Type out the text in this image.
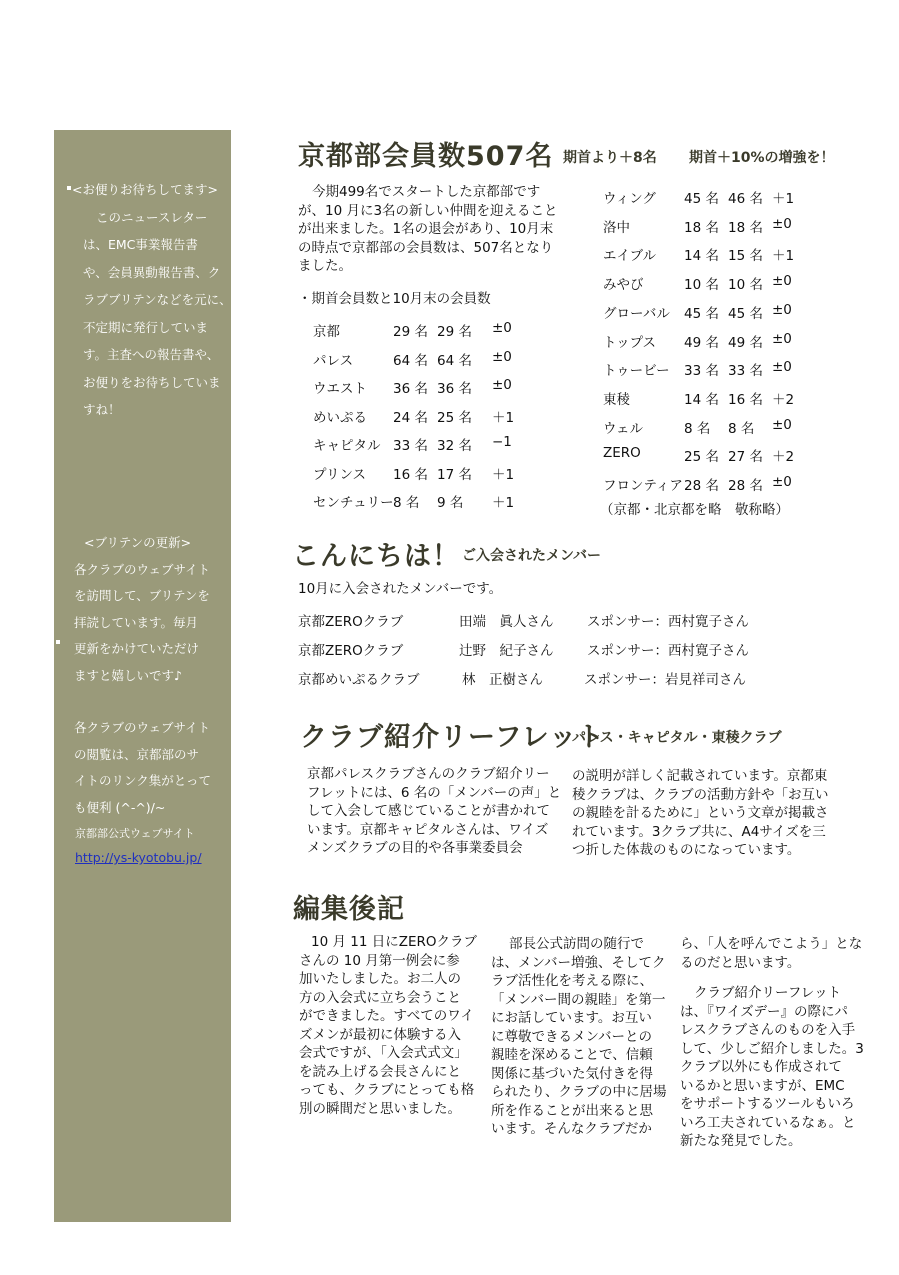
<お便りお待ちしてます>
このニュースレター
は、EMC事業報告書
や、会員異動報告書、ク
ラブブリテンなどを元に、
不定期に発行していま
す。主査への報告書や、
お便りをお待ちしていま
すね！
<ブリテンの更新>
各クラブのウェブサイト
を訪問して、ブリテンを
拝読しています。毎月
更新をかけていただけ
ますと嬉しいです♪
各クラブのウェブサイト
の閲覧は、京都部のサ
イトのリンク集がとって
も便利 (^-^)/~
京都部公式ウェブサイト
http://ys-kyotobu.jp/
京都部会員数507名 期首より＋8名 期首＋10%の増強を！
今期499名でスタートした京都部です
が、10 月に3名の新しい仲間を迎えること
が出来ました。1名の退会があり、10月末
の時点で京都部の会員数は、507名となり
ました。
・期首会員数と10月末の会員数
京都	29 名 29 名 ±0
パレス	64 名 64 名 ±0
ウエスト 36 名 36 名 ±0
めいぷる 24 名 25 名 ＋1
キャピタル 33 名 32 名 −1
プリンス 16 名 17 名 ＋1
センチュリー 8 名 9 名 ＋1
ウィング 45 名 46 名 ＋1
洛中	18 名 18 名 ±0
エイブル 14 名 15 名 ＋1
みやび	10 名 10 名 ±0
グローバル 45 名 45 名 ±0
トップス 49 名 49 名 ±0
トゥービー 33 名 33 名 ±0
東稜	14 名 16 名 ＋2
ウェル	8 名 8 名 ±0
ZERO	25 名 27 名 ＋2
フロンティア 28 名 28 名 ±0
（京都・北京都を略　敬称略）
こんにちは！ ご入会されたメンバー
10月に入会されたメンバーです。
京都ZEROクラブ	田端　眞人さん スポンサー：西村寛子さん
京都ZEROクラブ	辻野　紀子さん スポンサー：西村寛子さん
京都めいぷるクラブ	林　正樹さん	スポンサー：岩見祥司さん
クラブ紹介リーフレット
パレス・キャピタル・東稜クラブ
京都パレスクラブさんのクラブ紹介リー
フレットには、6 名の「メンバーの声」と
して入会して感じていることが書かれて
います。京都キャピタルさんは、ワイズ
メンズクラブの目的や各事業委員会
の説明が詳しく記載されています。京都東
稜クラブは、クラブの活動方針や「お互い
の親睦を計るために」という文章が掲載さ
れています。3クラブ共に、A4サイズを三
つ折した体裁のものになっています。
編集後記
10 月 11 日にZEROクラブ
さんの 10 月第一例会に参
加いたしました。お二人の
方の入会式に立ち会うこと
ができました。すべてのワイ
ズメンが最初に体験する入
会式ですが、「入会式式文」
を読み上げる会長さんにと
っても、クラブにとっても格
別の瞬間だと思いました。
部長公式訪問の随行で
は、メンバー増強、そしてク
ラブ活性化を考える際に、
「メンバー間の親睦」を第一
にお話しています。お互い
に尊敬できるメンバーとの
親睦を深めることで、信頼
関係に基づいた気付きを得
られたり、クラブの中に居場
所を作ることが出来ると思
います。そんなクラブだか
ら、「人を呼んでこよう」とな
るのだと思います。
クラブ紹介リーフレット
は、『ワイズデー』の際にパ
レスクラブさんのものを入手
して、少しご紹介しました。3
クラブ以外にも作成されて
いるかと思いますが、EMC
をサポートするツールもいろ
いろ工夫されているなぁ。と
新たな発見でした。
